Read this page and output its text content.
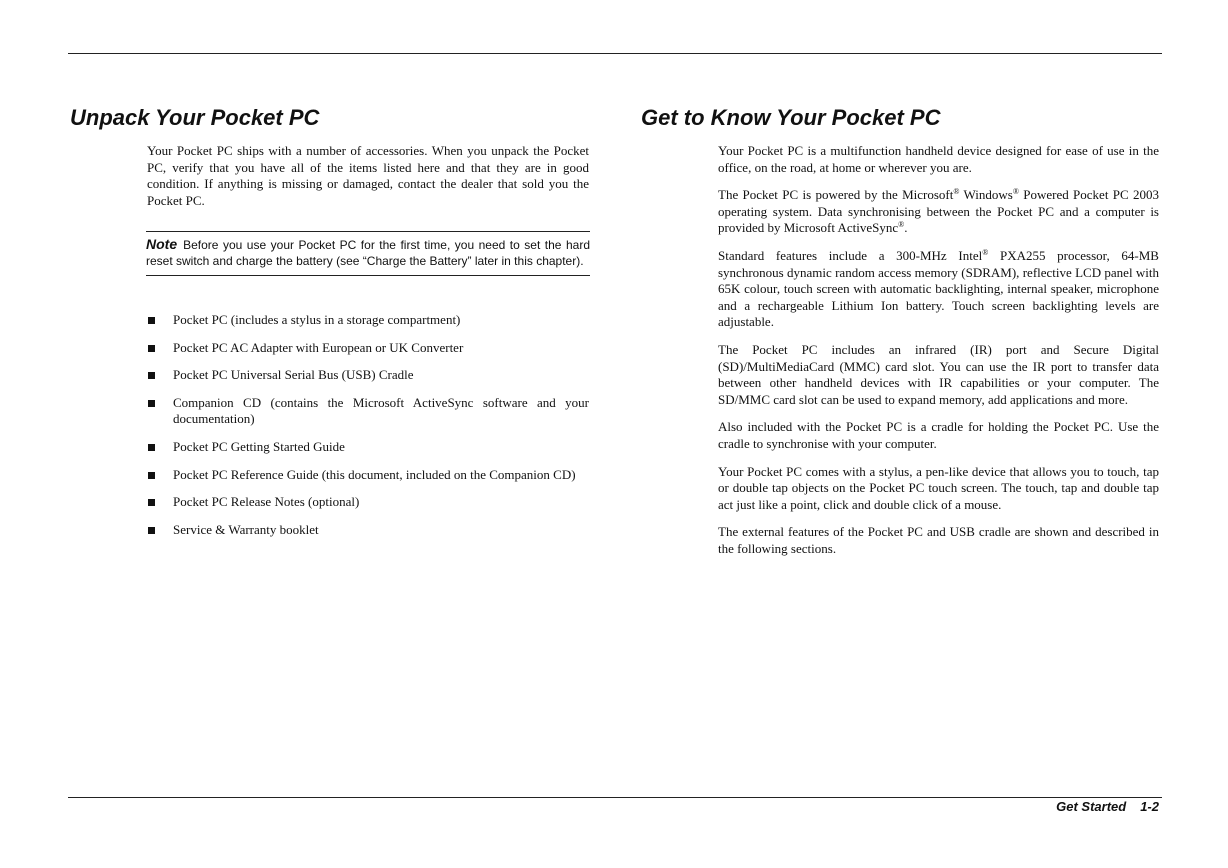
Unpack Your Pocket PC

Your Pocket PC ships with a number of accessories. When you unpack the Pocket PC, verify that you have all of the items listed here and that they are in good condition. If anything is missing or damaged, contact the dealer that sold you the Pocket PC.

Note Before you use your Pocket PC for the first time, you need to set the hard reset switch and charge the battery (see “Charge the Battery” later in this chapter).
Pocket PC (includes a stylus in a storage compartment)
Pocket PC AC Adapter with European or UK Converter
Pocket PC Universal Serial Bus (USB) Cradle
Companion CD (contains the Microsoft ActiveSync software and your documentation)
Pocket PC Getting Started Guide
Pocket PC Reference Guide (this document, included on the Companion CD)
Pocket PC Release Notes (optional)
Service & Warranty booklet
Get to Know Your Pocket PC

Your Pocket PC is a multifunction handheld device designed for ease of use in the office, on the road, at home or wherever you are.

The Pocket PC is powered by the Microsoft® Windows® Powered Pocket PC 2003 operating system. Data synchronising between the Pocket PC and a computer is provided by Microsoft ActiveSync®.

Standard features include a 300-MHz Intel® PXA255 processor, 64-MB synchronous dynamic random access memory (SDRAM), reflective LCD panel with 65K colour, touch screen with automatic backlighting, internal speaker, microphone and a rechargeable Lithium Ion battery. Touch screen backlighting levels are adjustable.

The Pocket PC includes an infrared (IR) port and Secure Digital (SD)/MultiMediaCard (MMC) card slot. You can use the IR port to transfer data between other handheld devices with IR capabilities or your computer. The SD/MMC card slot can be used to expand memory, add applications and more.

Also included with the Pocket PC is a cradle for holding the Pocket PC. Use the cradle to synchronise with your computer.

Your Pocket PC comes with a stylus, a pen-like device that allows you to touch, tap or double tap objects on the Pocket PC touch screen. The touch, tap and double tap act just like a point, click and double click of a mouse.

The external features of the Pocket PC and USB cradle are shown and described in the following sections.

Get Started 1-2
